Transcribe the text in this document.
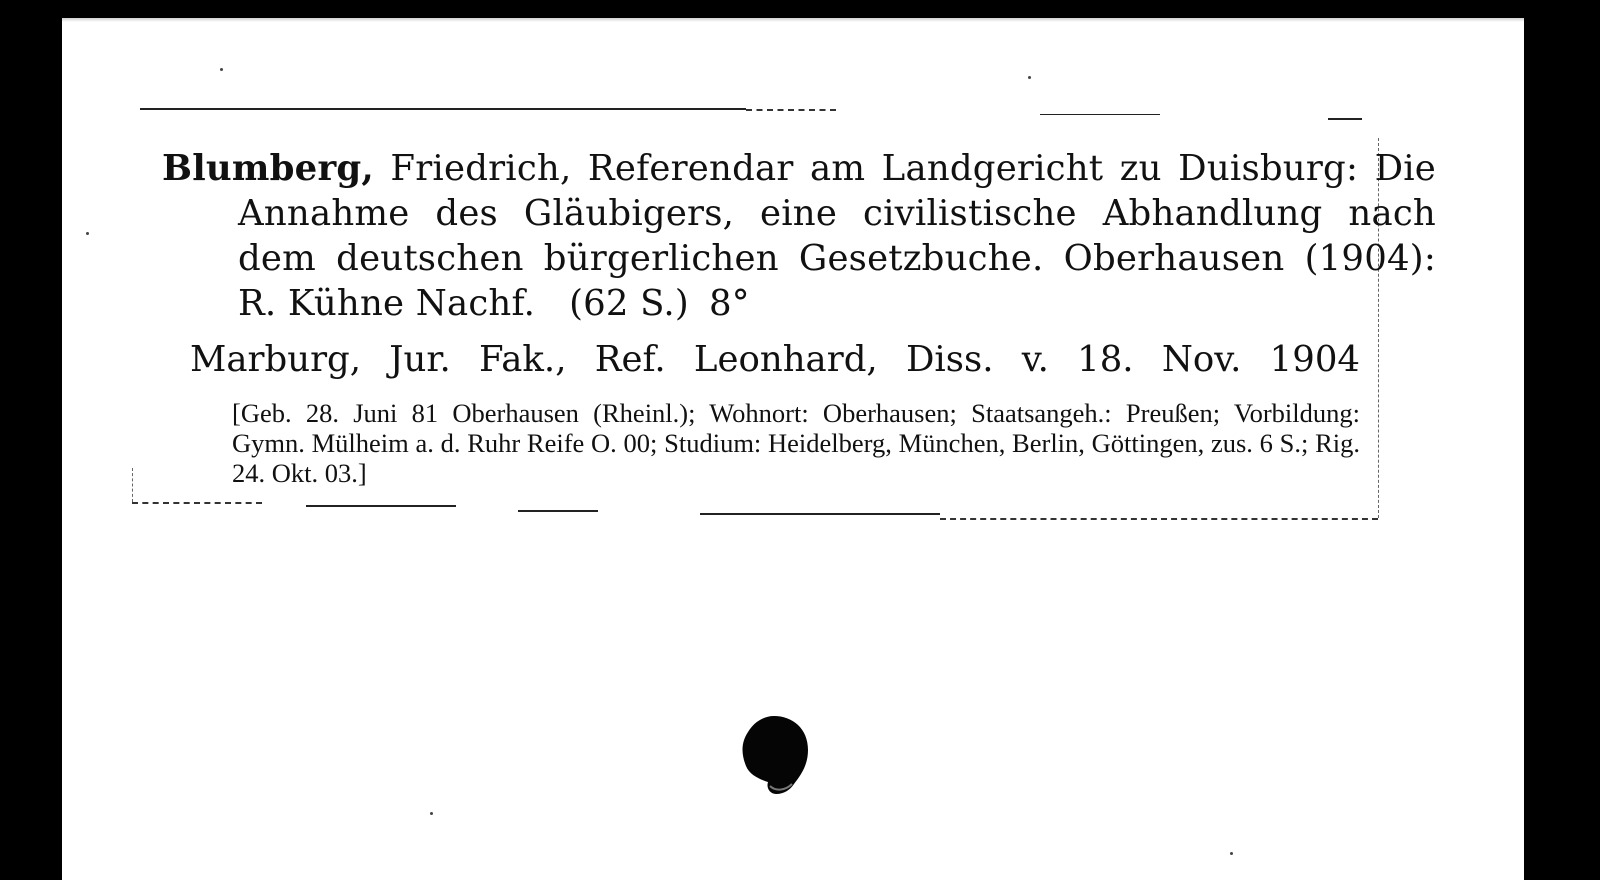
Blumberg, Friedrich, Referendar am Landgericht zu Duisburg: Die Annahme des Gläubigers, eine civilistische Abhandlung nach dem deutschen bürgerlichen Gesetzbuche. Oberhausen (1904): R. Kühne Nachf. (62 S.) 8°
Marburg, Jur. Fak., Ref. Leonhard, Diss. v. 18. Nov. 1904
[Geb. 28. Juni 81 Oberhausen (Rheinl.); Wohnort: Oberhausen; Staatsangeh.: Preußen; Vorbildung: Gymn. Mülheim a. d. Ruhr Reife O. 00; Studium: Heidelberg, München, Berlin, Göttingen, zus. 6 S.; Rig. 24. Okt. 03.]
